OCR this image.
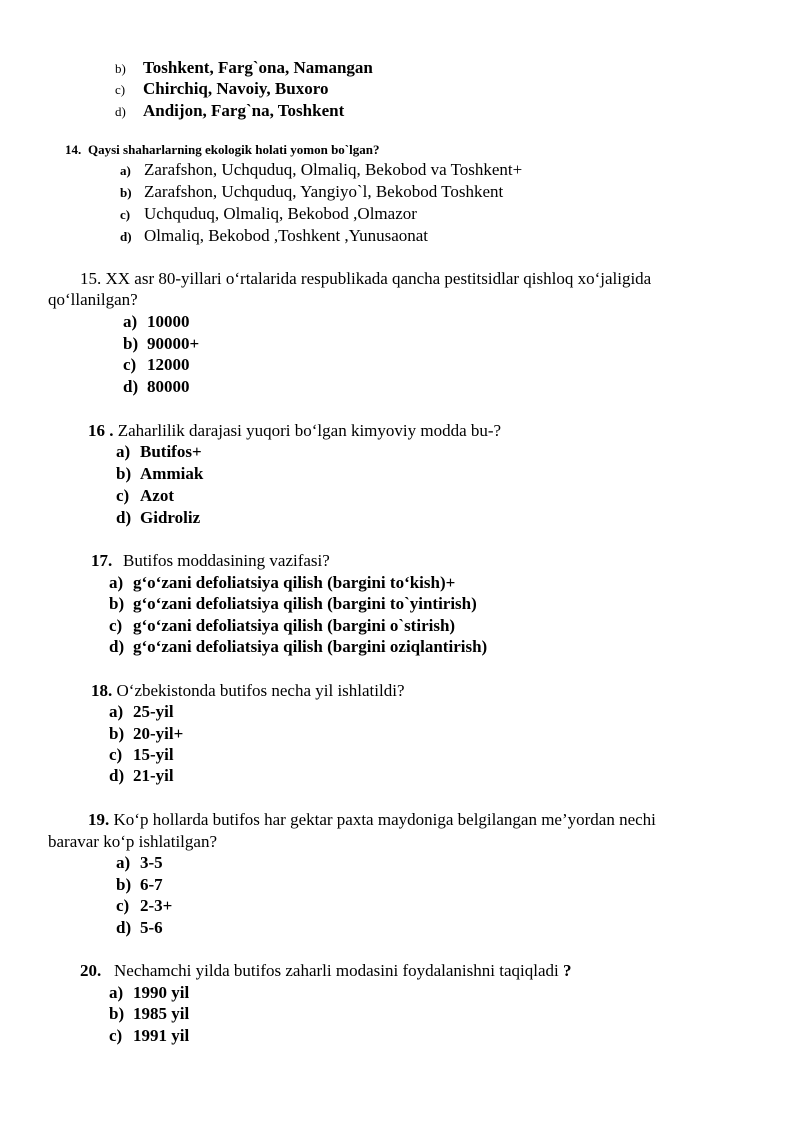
b) Toshkent, Farg`ona, Namangan
c) Chirchiq, Navoiy, Buxoro
d) Andijon, Farg`na, Toshkent
14. Qaysi shaharlarning ekologik holati yomon bo`lgan?
a) Zarafshon, Uchquduq, Olmaliq, Bekobod va Toshkent+
b) Zarafshon, Uchquduq, Yangiyo`l, Bekobod Toshkent
c) Uchquduq, Olmaliq, Bekobod ,Olmazor
d) Olmaliq, Bekobod ,Toshkent ,Yunusaonat
15. XX asr 80-yillari o‘rtalarida respublikada qancha pestitsidlar qishloq xo‘jaligida
qo‘llanilgan?
a) 10000
b) 90000+
c) 12000
d) 80000
16 . Zaharlilik darajasi yuqori bo‘lgan kimyoviy modda bu-?
a) Butifos+
b) Ammiak
c) Azot
d) Gidroliz
17. Butifos moddasining vazifasi?
a) g‘o‘zani defoliatsiya qilish (bargini to‘kish)+
b) g‘o‘zani defoliatsiya qilish (bargini to`yintirish)
c) g‘o‘zani defoliatsiya qilish (bargini o`stirish)
d) g‘o‘zani defoliatsiya qilish (bargini oziqlantirish)
18. O‘zbekistonda butifos necha yil ishlatildi?
a) 25-yil
b) 20-yil+
c) 15-yil
d) 21-yil
19. Ko‘p hollarda butifos har gektar paxta maydoniga belgilangan me’yordan nechi
baravar ko‘p ishlatilgan?
a) 3-5
b) 6-7
c) 2-3+
d) 5-6
20. Nechamchi yilda butifos zaharli modasini foydalanishni taqiqladi ?
a) 1990 yil
b) 1985 yil
c) 1991 yil
